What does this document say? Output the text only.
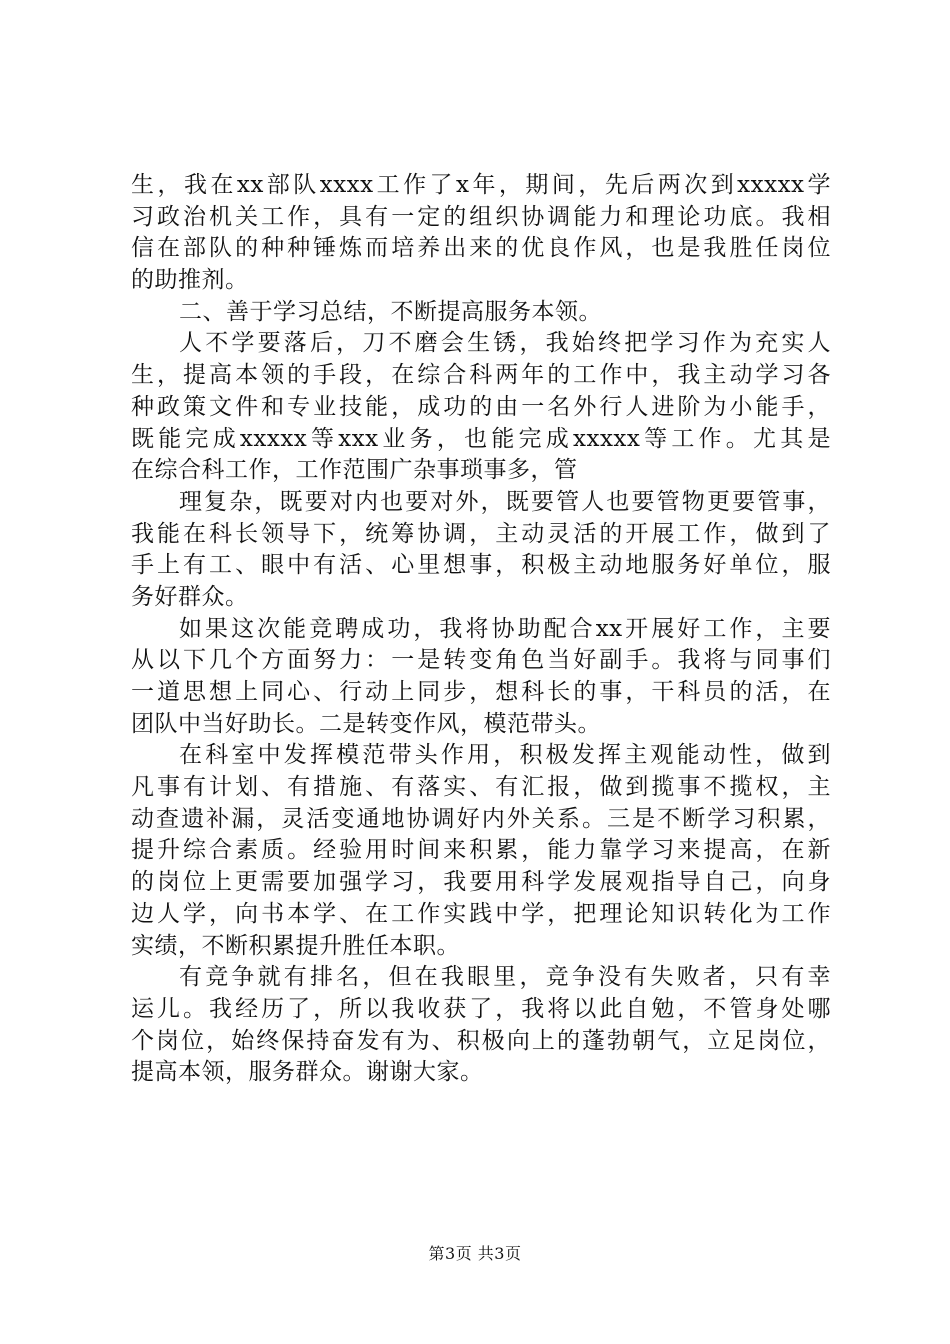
生，我在xx部队xxxx工作了x年，期间，先后两次到xxxxx学
习政治机关工作，具有一定的组织协调能力和理论功底。我相
信在部队的种种锤炼而培养出来的优良作风，也是我胜任岗位
的助推剂。
二、善于学习总结，不断提高服务本领。
人不学要落后，刀不磨会生锈，我始终把学习作为充实人
生，提高本领的手段，在综合科两年的工作中，我主动学习各
种政策文件和专业技能，成功的由一名外行人进阶为小能手，
既能完成xxxxx等xxx业务，也能完成xxxxx等工作。尤其是
在综合科工作，工作范围广杂事琐事多，管
理复杂，既要对内也要对外，既要管人也要管物更要管事，
我能在科长领导下，统筹协调，主动灵活的开展工作，做到了
手上有工、眼中有活、心里想事，积极主动地服务好单位，服
务好群众。
如果这次能竞聘成功，我将协助配合xx开展好工作，主要
从以下几个方面努力：一是转变角色当好副手。我将与同事们
一道思想上同心、行动上同步，想科长的事，干科员的活，在
团队中当好助长。二是转变作风，模范带头。
在科室中发挥模范带头作用，积极发挥主观能动性，做到
凡事有计划、有措施、有落实、有汇报，做到揽事不揽权，主
动查遗补漏，灵活变通地协调好内外关系。三是不断学习积累，
提升综合素质。经验用时间来积累，能力靠学习来提高，在新
的岗位上更需要加强学习，我要用科学发展观指导自己，向身
边人学，向书本学、在工作实践中学，把理论知识转化为工作
实绩，不断积累提升胜任本职。
有竞争就有排名，但在我眼里，竞争没有失败者，只有幸
运儿。我经历了，所以我收获了，我将以此自勉，不管身处哪
个岗位，始终保持奋发有为、积极向上的蓬勃朝气，立足岗位，
提高本领，服务群众。谢谢大家。
第3页 共3页
